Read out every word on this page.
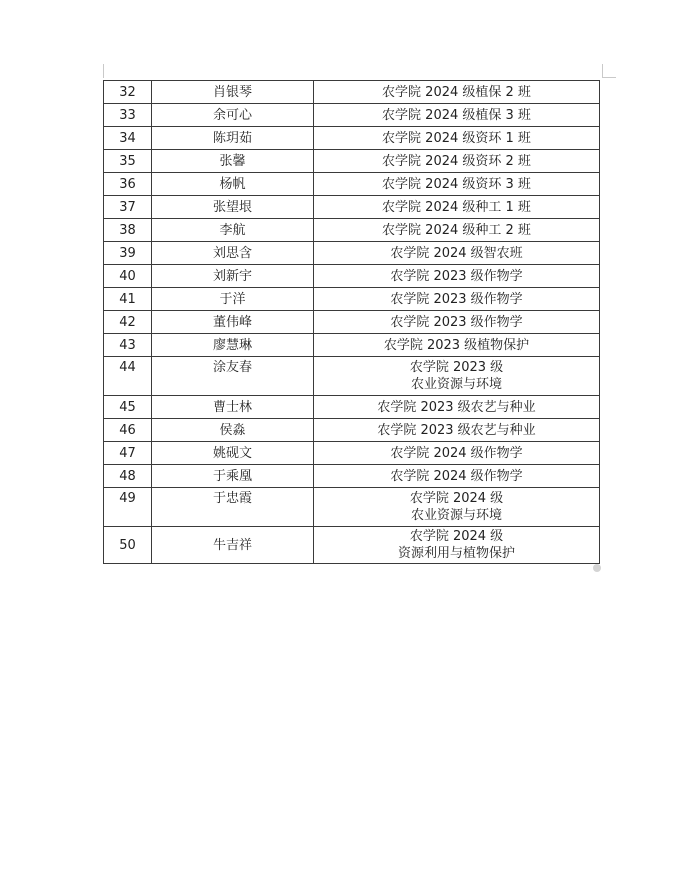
32	肖银琴	农学院 2024 级植保 2 班

33	余可心	农学院 2024 级植保 3 班

34	陈玥茹	农学院 2024 级资环 1 班

35	张馨	农学院 2024 级资环 2 班

36	杨帆	农学院 2024 级资环 3 班

37	张望垠	农学院 2024 级种工 1 班

38	李航	农学院 2024 级种工 2 班

39	刘思含	农学院 2024 级智农班

40	刘新宇	农学院 2023 级作物学

41	于洋	农学院 2023 级作物学

42	董伟峰	农学院 2023 级作物学

43	廖慧琳	农学院 2023 级植物保护

44	涂友春	农学院 2023 级
农业资源与环境

45	曹士林	农学院 2023 级农艺与种业

46	侯淼	农学院 2023 级农艺与种业

47	姚砚文	农学院 2024 级作物学

48	于乘凰	农学院 2024 级作物学

49	于忠霞	农学院 2024 级
农业资源与环境

50	牛吉祥	农学院 2024 级
资源利用与植物保护
